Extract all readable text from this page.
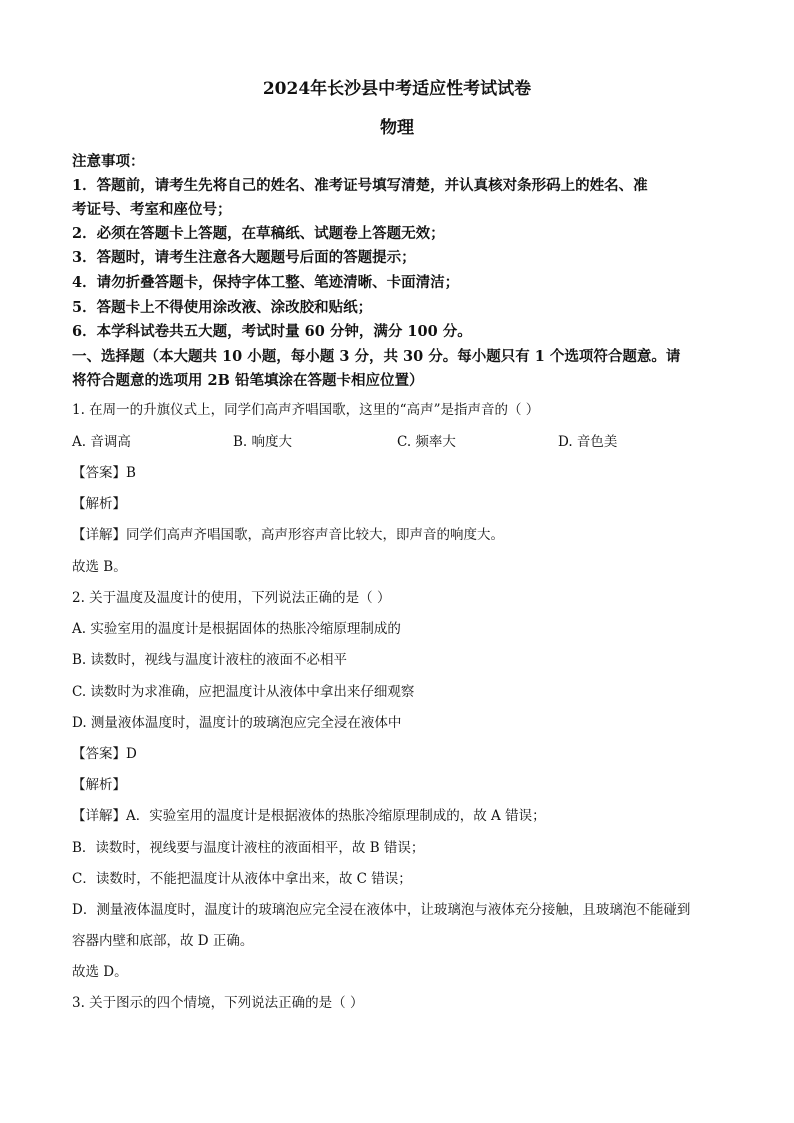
2024年长沙县中考适应性考试试卷
物理
注意事项：
1．答题前，请考生先将自己的姓名、准考证号填写清楚，并认真核对条形码上的姓名、准
考证号、考室和座位号；
2．必须在答题卡上答题，在草稿纸、试题卷上答题无效；
3．答题时，请考生注意各大题题号后面的答题提示；
4．请勿折叠答题卡，保持字体工整、笔迹清晰、卡面清洁；
5．答题卡上不得使用涂改液、涂改胶和贴纸；
6．本学科试卷共五大题，考试时量 60 分钟，满分 100 分。
一、选择题（本大题共 10 小题，每小题 3 分，共 30 分。每小题只有 1 个选项符合题意。请
将符合题意的选项用 2B 铅笔填涂在答题卡相应位置）
1. 在周一的升旗仪式上，同学们高声齐唱国歌，这里的“高声”是指声音的（ ）
A. 音调高	B. 响度大	C. 频率大	D. 音色美
【答案】B
【解析】
【详解】同学们高声齐唱国歌，高声形容声音比较大，即声音的响度大。
故选 B。
2. 关于温度及温度计的使用，下列说法正确的是（ ）
A. 实验室用的温度计是根据固体的热胀冷缩原理制成的
B. 读数时，视线与温度计液柱的液面不必相平
C. 读数时为求准确，应把温度计从液体中拿出来仔细观察
D. 测量液体温度时，温度计的玻璃泡应完全浸在液体中
【答案】D
【解析】
【详解】A．实验室用的温度计是根据液体的热胀冷缩原理制成的，故 A 错误；
B．读数时，视线要与温度计液柱的液面相平，故 B 错误；
C．读数时，不能把温度计从液体中拿出来，故 C 错误；
D．测量液体温度时，温度计的玻璃泡应完全浸在液体中，让玻璃泡与液体充分接触，且玻璃泡不能碰到
容器内壁和底部，故 D 正确。
故选 D。
3. 关于图示的四个情境，下列说法正确的是（ ）
